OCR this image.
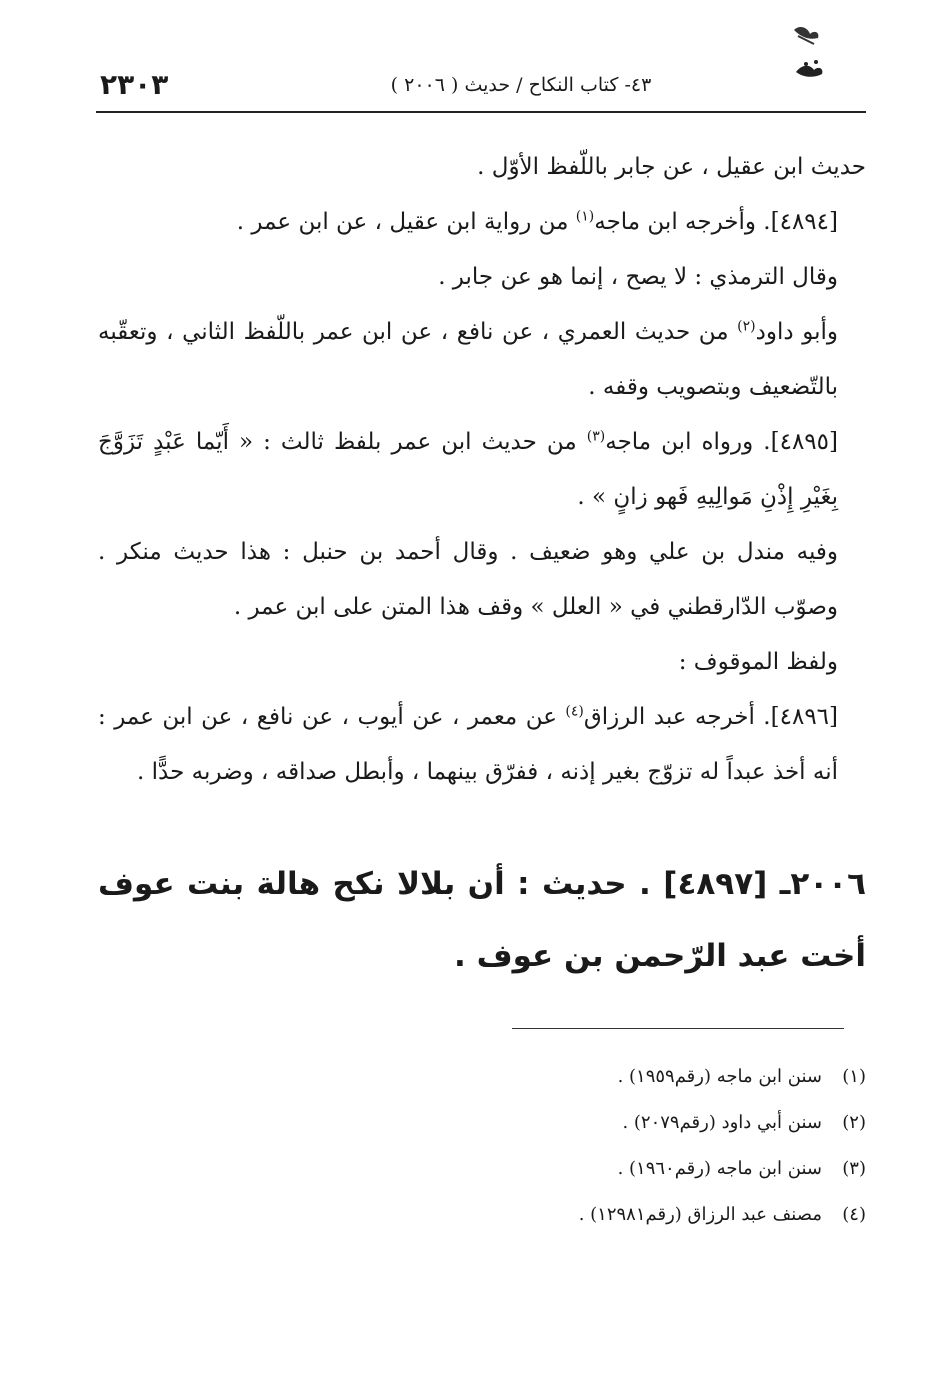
٢٣٠٣	٤٣- كتاب النكاح / حديث ( ٢٠٠٦ )

حديث ابن عقيل ، عن جابر باللّفظ الأوّل .

[٤٨٩٤]. وأخرجه ابن ماجه$^{(١)}$ من رواية ابن عقيل ، عن ابن عمر .

وقال الترمذي : لا يصح ، إنما هو عن جابر .

وأبو داود$^{(٢)}$ من حديث العمري ، عن نافع ، عن ابن عمر باللّفظ الثاني ، وتعقّبه بالتّضعيف وبتصويب وقفه .

[٤٨٩٥]. ورواه ابن ماجه$^{(٣)}$ من حديث ابن عمر بلفظ ثالث : « أَيّما عَبْدٍ تَزَوَّجَ بِغَيْرِ إِذْنِ مَوالِيهِ فَهو زانٍ » .

وفيه مندل بن علي وهو ضعيف . وقال أحمد بن حنبل : هذا حديث منكر . وصوّب الدّارقطني في « العلل » وقف هذا المتن على ابن عمر .

ولفظ الموقوف :

[٤٨٩٦]. أخرجه عبد الرزاق$^{(٤)}$ عن معمر ، عن أيوب ، عن نافع ، عن ابن عمر : أنه أخذ عبداً له تزوّج بغير إذنه ، ففرّق بينهما ، وأبطل صداقه ، وضربه حدًّا .

٢٠٠٦ـ [٤٨٩٧] . حديث : أن بلالا نكح هالة بنت عوف أخت عبد الرّحمن بن عوف .
(١)سنن ابن ماجه (رقم١٩٥٩) .
(٢)سنن أبي داود (رقم٢٠٧٩) .
(٣)سنن ابن ماجه (رقم١٩٦٠) .
(٤)مصنف عبد الرزاق (رقم١٢٩٨١) .
